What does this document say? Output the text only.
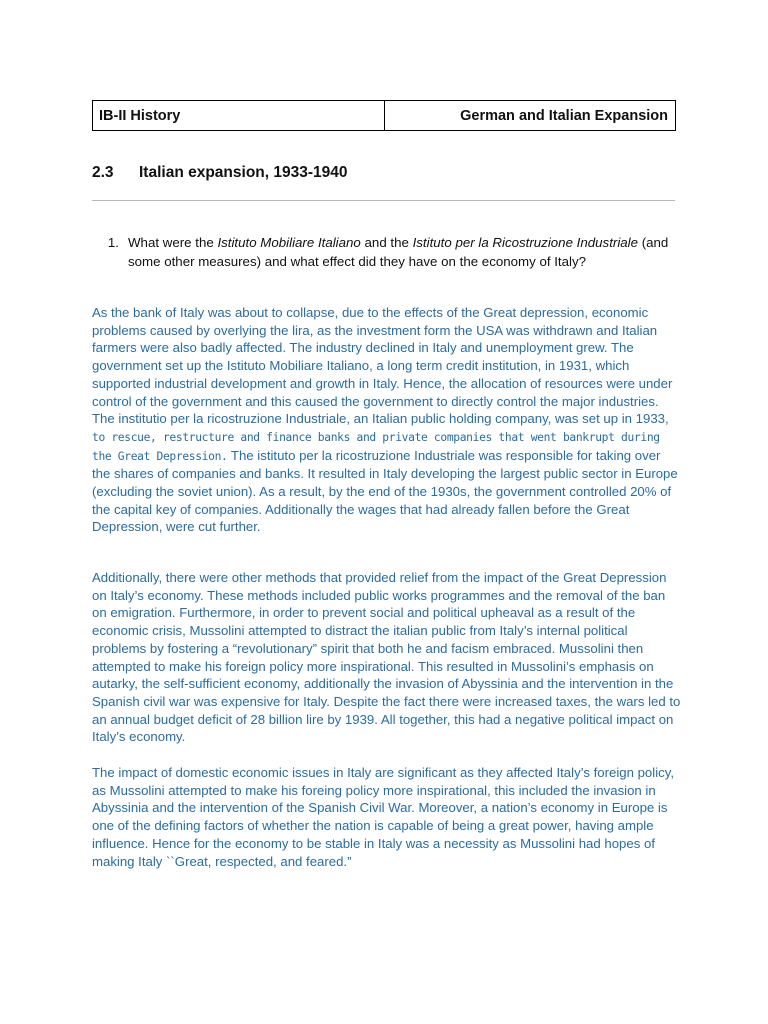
IB-II History	German and Italian Expansion
2.3	Italian expansion, 1933-1940
1. What were the Istituto Mobiliare Italiano and the Istituto per la Ricostruzione Industriale (and some other measures) and what effect did they have on the economy of Italy?

As the bank of Italy was about to collapse, due to the effects of the Great depression, economic problems caused by overlying the lira, as the investment form the USA was withdrawn and Italian farmers were also badly affected. The industry declined in Italy and unemployment grew. The government set up the Istituto Mobiliare Italiano, a long term credit institution, in 1931, which supported industrial development and growth in Italy. Hence, the allocation of resources were under control of the government and this caused the government to directly control the major industries. The institutio per la ricostruzione Industriale, an Italian public holding company, was set up in 1933, to rescue, restructure and finance banks and private companies that went bankrupt during the Great Depression. The istituto per la ricostruzione Industriale was responsible for taking over the shares of companies and banks. It resulted in Italy developing the largest public sector in Europe (excluding the soviet union). As a result, by the end of the 1930s, the government controlled 20% of the capital key of companies. Additionally the wages that had already fallen before the Great Depression, were cut further.

Additionally, there were other methods that provided relief from the impact of the Great Depression on Italy’s economy. These methods included public works programmes and the removal of the ban on emigration. Furthermore, in order to prevent social and political upheaval as a result of the economic crisis, Mussolini attempted to distract the italian public from Italy’s internal political problems by fostering a “revolutionary” spirit that both he and facism embraced. Mussolini then attempted to make his foreign policy more inspirational. This resulted in Mussolini’s emphasis on autarky, the self-sufficient economy, additionally the invasion of Abyssinia and the intervention in the Spanish civil war was expensive for Italy. Despite the fact there were increased taxes, the wars led to an annual budget deficit of 28 billion lire by 1939. All together, this had a negative political impact on Italy’s economy.

The impact of domestic economic issues in Italy are significant as they affected Italy’s foreign policy, as Mussolini attempted to make his foreing policy more inspirational, this included the invasion in Abyssinia and the intervention of the Spanish Civil War. Moreover, a nation’s economy in Europe is one of the defining factors of whether the nation is capable of being a great power, having ample influence. Hence for the economy to be stable in Italy was a necessity as Mussolini had hopes of making Italy ``Great, respected, and feared.”
